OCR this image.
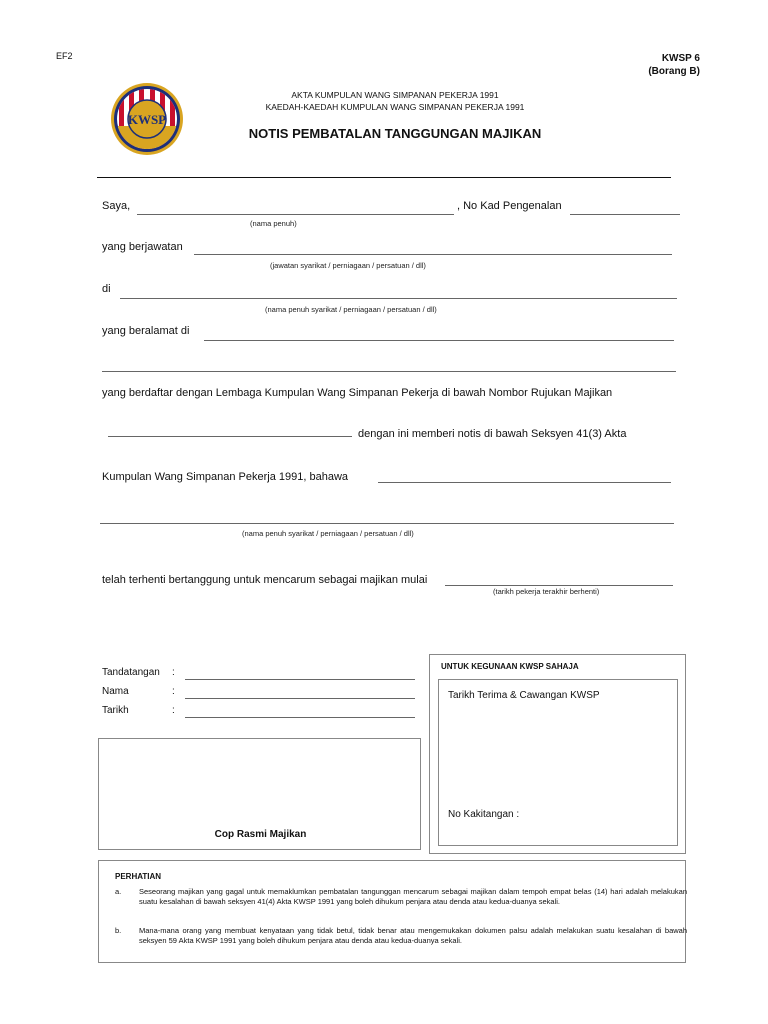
EF2	KWSP 6
(Borang B)
KWSP
AKTA KUMPULAN WANG SIMPANAN PEKERJA 1991
KAEDAH-KAEDAH KUMPULAN WANG SIMPANAN PEKERJA 1991
NOTIS PEMBATALAN TANGGUNGAN MAJIKAN
Saya,	, No Kad Pengenalan
(nama penuh)
yang berjawatan
(jawatan syarikat / perniagaan / persatuan / dll)
di
(nama penuh syarikat / perniagaan / persatuan / dll)
yang beralamat di
yang berdaftar dengan Lembaga Kumpulan Wang Simpanan Pekerja di bawah Nombor Rujukan Majikan
dengan ini memberi notis di bawah Seksyen 41(3) Akta
Kumpulan Wang Simpanan Pekerja 1991, bahawa
(nama penuh syarikat / perniagaan / persatuan / dll)
telah terhenti bertanggung untuk mencarum sebagai majikan mulai
(tarikh pekerja terakhir berhenti)
Tandatangan :
Nama	:
Tarikh	:
Cop Rasmi Majikan
UNTUK KEGUNAAN KWSP SAHAJA
Tarikh Terima & Cawangan KWSP
No Kakitangan :
PERHATIAN
a. Seseorang majikan yang gagal untuk memaklumkan pembatalan tangunggan mencarum sebagai majikan dalam tempoh empat belas (14) hari adalah melakukan suatu kesalahan di bawah seksyen 41(4) Akta KWSP 1991 yang boleh dihukum penjara atau denda atau kedua-duanya sekali.
b. Mana-mana orang yang membuat kenyataan yang tidak betul, tidak benar atau mengemukakan dokumen palsu adalah melakukan suatu kesalahan di bawah seksyen 59 Akta KWSP 1991 yang boleh dihukum penjara atau denda atau kedua-duanya sekali.
